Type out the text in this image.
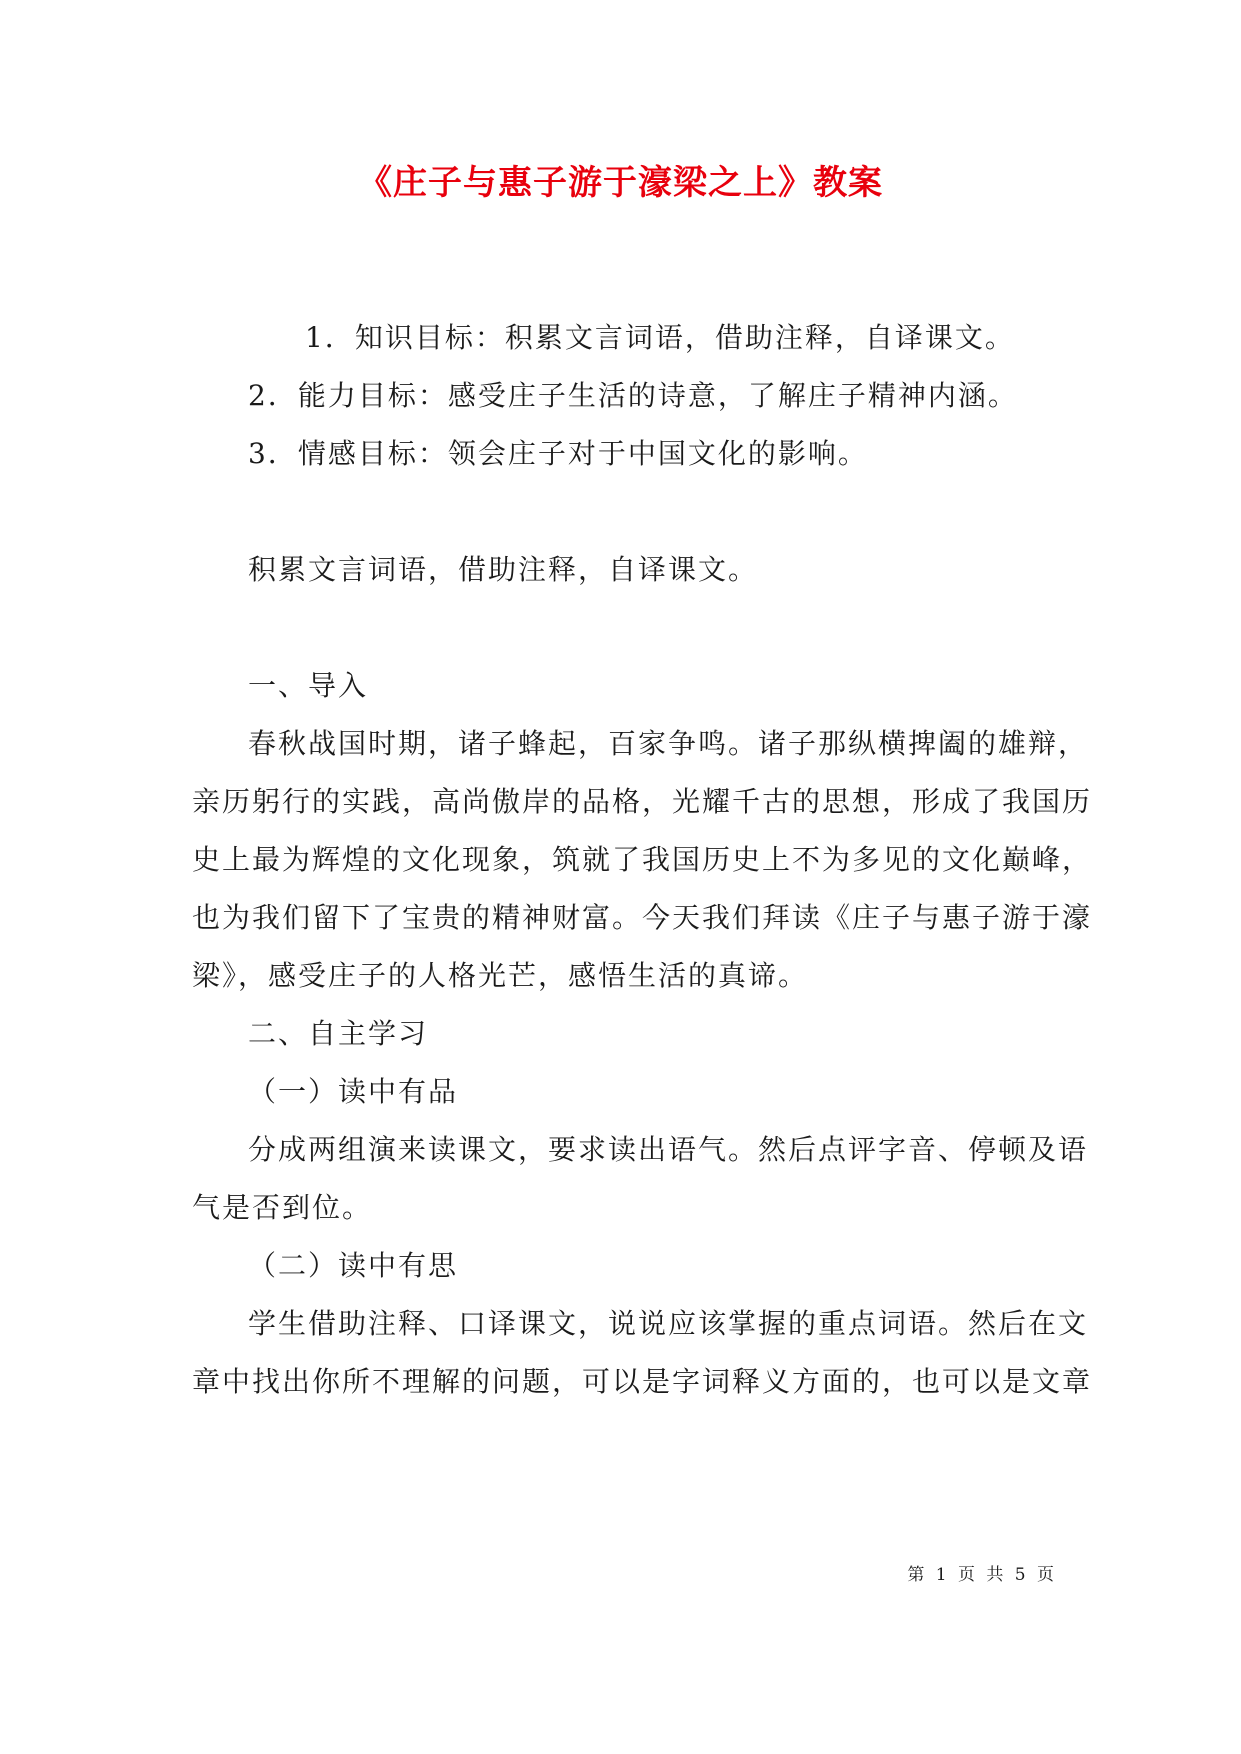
《庄子与惠子游于濠梁之上》教案
1．知识目标：积累文言词语，借助注释，自译课文。
2．能力目标：感受庄子生活的诗意，了解庄子精神内涵。
3．情感目标：领会庄子对于中国文化的影响。
积累文言词语，借助注释，自译课文。
一、导入
春秋战国时期，诸子蜂起，百家争鸣。诸子那纵横捭阖的雄辩，
亲历躬行的实践，高尚傲岸的品格，光耀千古的思想，形成了我国历
史上最为辉煌的文化现象，筑就了我国历史上不为多见的文化巅峰，
也为我们留下了宝贵的精神财富。今天我们拜读《庄子与惠子游于濠
梁》，感受庄子的人格光芒，感悟生活的真谛。
二、自主学习
（一）读中有品
分成两组演来读课文，要求读出语气。然后点评字音、停顿及语
气是否到位。
（二）读中有思
学生借助注释、口译课文，说说应该掌握的重点词语。然后在文
章中找出你所不理解的问题，可以是字词释义方面的，也可以是文章
第 1 页 共 5 页
